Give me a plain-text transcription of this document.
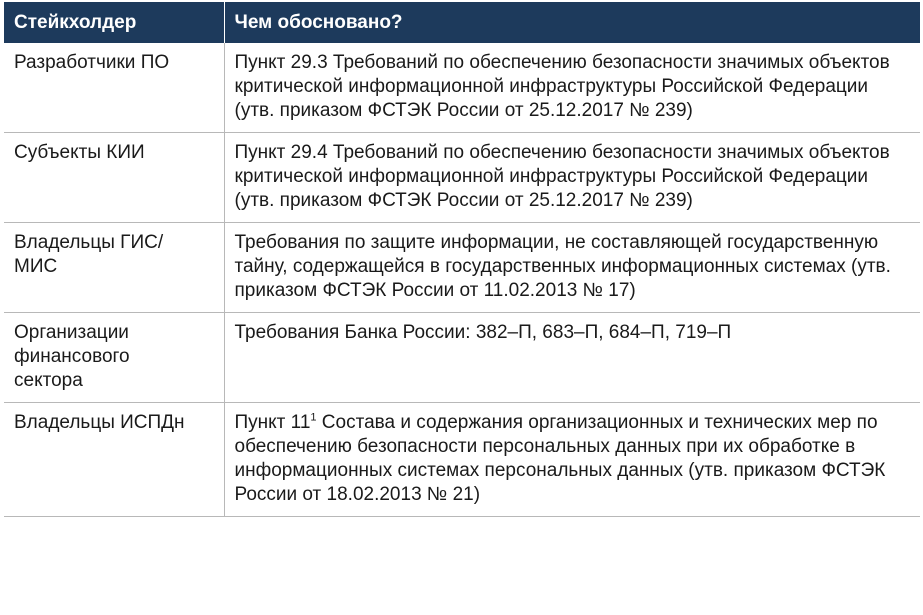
Стейкхолдер	Чем обосновано?
Разработчики ПО	Пункт 29.3 Требований по обеспечению безопасности значимых объектов критической информационной инфраструктуры Российской Федерации (утв. приказом ФСТЭК России от 25.12.2017 № 239)
Субъекты КИИ	Пункт 29.4 Требований по обеспечению безопасности значимых объектов критической информационной инфраструктуры Российской Федерации (утв. приказом ФСТЭК России от 25.12.2017 № 239)
Владельцы ГИС/МИС	Требования по защите информации, не составляющей государственную тайну, содержащейся в государственных информационных системах (утв. приказом ФСТЭК России от 11.02.2013 № 17)
Организации финансового сектора	Требования Банка России: 382–П, 683–П, 684–П, 719–П
Владельцы ИСПДн	Пункт $11^1$ Состава и содержания организационных и технических мер по обеспечению безопасности персональных данных при их обработке в информационных системах персональных данных (утв. приказом ФСТЭК России от 18.02.2013 № 21)
